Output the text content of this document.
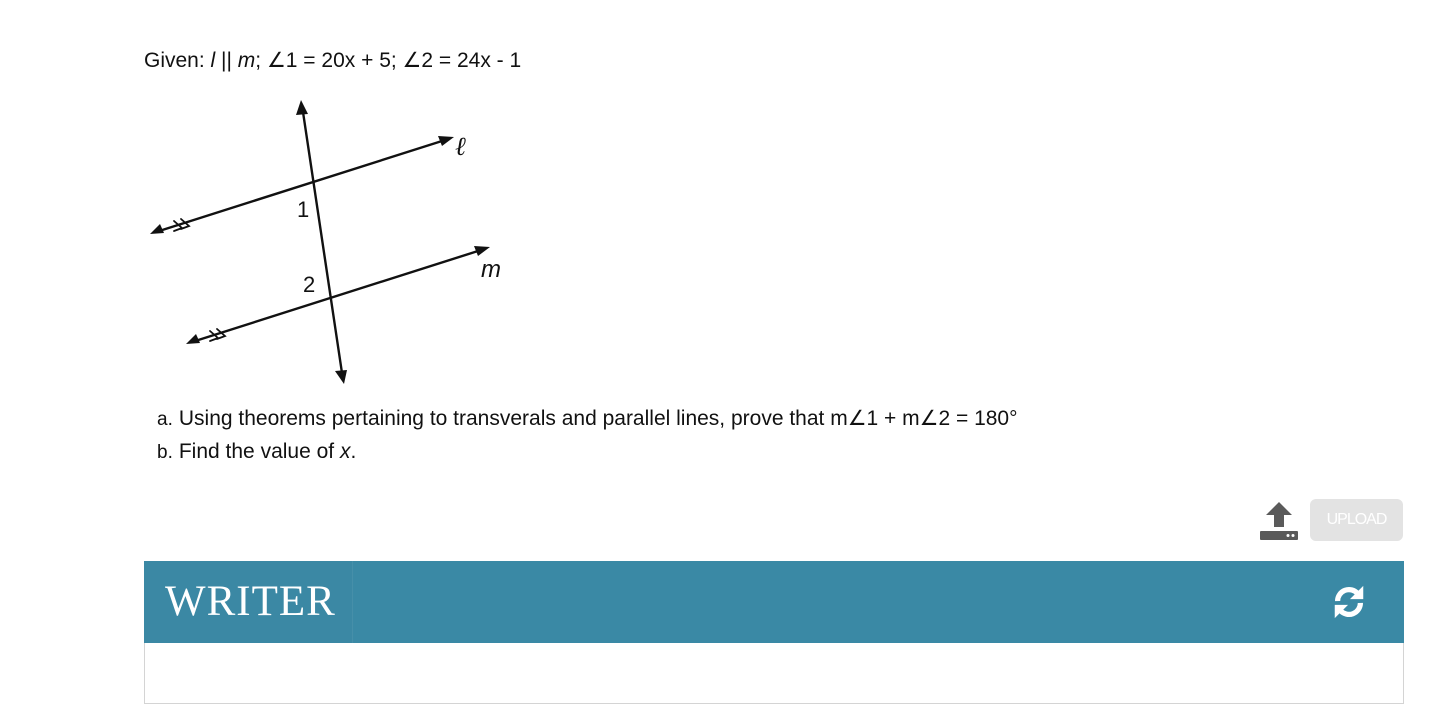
Given: l || m; ∠1 = 20x + 5; ∠2 = 24x - 1
ℓ
m
1
2
a. Using theorems pertaining to transverals and parallel lines, prove that m∠1 + m∠2 = 180°
b. Find the value of x.
UPLOAD
WRITER
